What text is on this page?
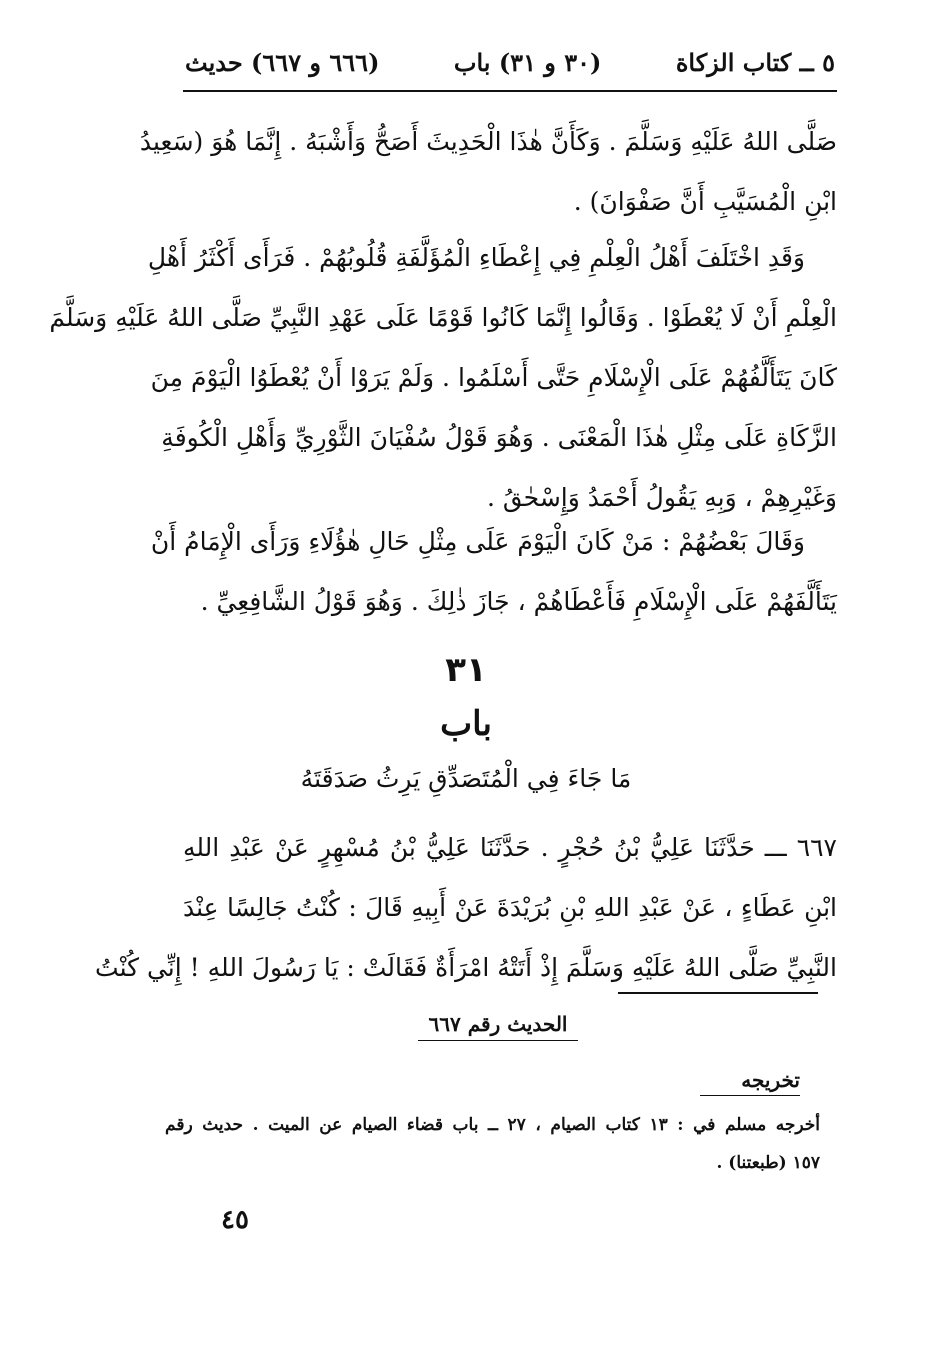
٥ ــ كتاب الزكاة
(٣٠ و ٣١) باب
(٦٦٦ و ٦٦٧) حديث
صَلَّى اللهُ عَلَيْهِ وَسَلَّمَ . وَكَأَنَّ هٰذَا الْحَدِيثَ أَصَحُّ وَأَشْبَهُ . إِنَّمَا هُوَ (سَعِيدُ
ابْنِ الْمُسَيَّبِ أَنَّ صَفْوَانَ) .
وَقَدِ اخْتَلَفَ أَهْلُ الْعِلْمِ فِي إِعْطَاءِ الْمُؤَلَّفَةِ قُلُوبُهُمْ . فَرَأَى أَكْثَرُ أَهْلِ
الْعِلْمِ أَنْ لَا يُعْطَوْا . وَقَالُوا إِنَّمَا كَانُوا قَوْمًا عَلَى عَهْدِ النَّبِيِّ صَلَّى اللهُ عَلَيْهِ وَسَلَّمَ
كَانَ يَتَأَلَّفُهُمْ عَلَى الْإِسْلَامِ حَتَّى أَسْلَمُوا . وَلَمْ يَرَوْا أَنْ يُعْطَوُا الْيَوْمَ مِنَ
الزَّكَاةِ عَلَى مِثْلِ هٰذَا الْمَعْنَى . وَهُوَ قَوْلُ سُفْيَانَ الثَّوْرِيِّ وَأَهْلِ الْكُوفَةِ
وَغَيْرِهِمْ ، وَبِهِ يَقُولُ أَحْمَدُ وَإِسْحٰقُ .
وَقَالَ بَعْضُهُمْ : مَنْ كَانَ الْيَوْمَ عَلَى مِثْلِ حَالِ هٰؤُلَاءِ وَرَأَى الْإِمَامُ أَنْ
يَتَأَلَّفَهُمْ عَلَى الْإِسْلَامِ فَأَعْطَاهُمْ ، جَازَ ذٰلِكَ . وَهُوَ قَوْلُ الشَّافِعِيِّ .
٣١
باب
مَا جَاءَ فِي الْمُتَصَدِّقِ يَرِثُ صَدَقَتَهُ
٦٦٧ ـــ حَدَّثَنَا عَلِيُّ بْنُ حُجْرٍ . حَدَّثَنَا عَلِيُّ بْنُ مُسْهِرٍ عَنْ عَبْدِ اللهِ
ابْنِ عَطَاءٍ ، عَنْ عَبْدِ اللهِ بْنِ بُرَيْدَةَ عَنْ أَبِيهِ قَالَ : كُنْتُ جَالِسًا عِنْدَ
النَّبِيِّ صَلَّى اللهُ عَلَيْهِ وَسَلَّمَ إِذْ أَتَتْهُ امْرَأَةٌ فَقَالَتْ : يَا رَسُولَ اللهِ ! إِنِّي كُنْتُ
الحديث رقم ٦٦٧
تخريجه
أخرجه مسلم في : ١٣ كتاب الصيام ، ٢٧ ــ باب قضاء الصيام عن الميت . حديث رقم
١٥٧ (طبعتنا) .
٤٥
